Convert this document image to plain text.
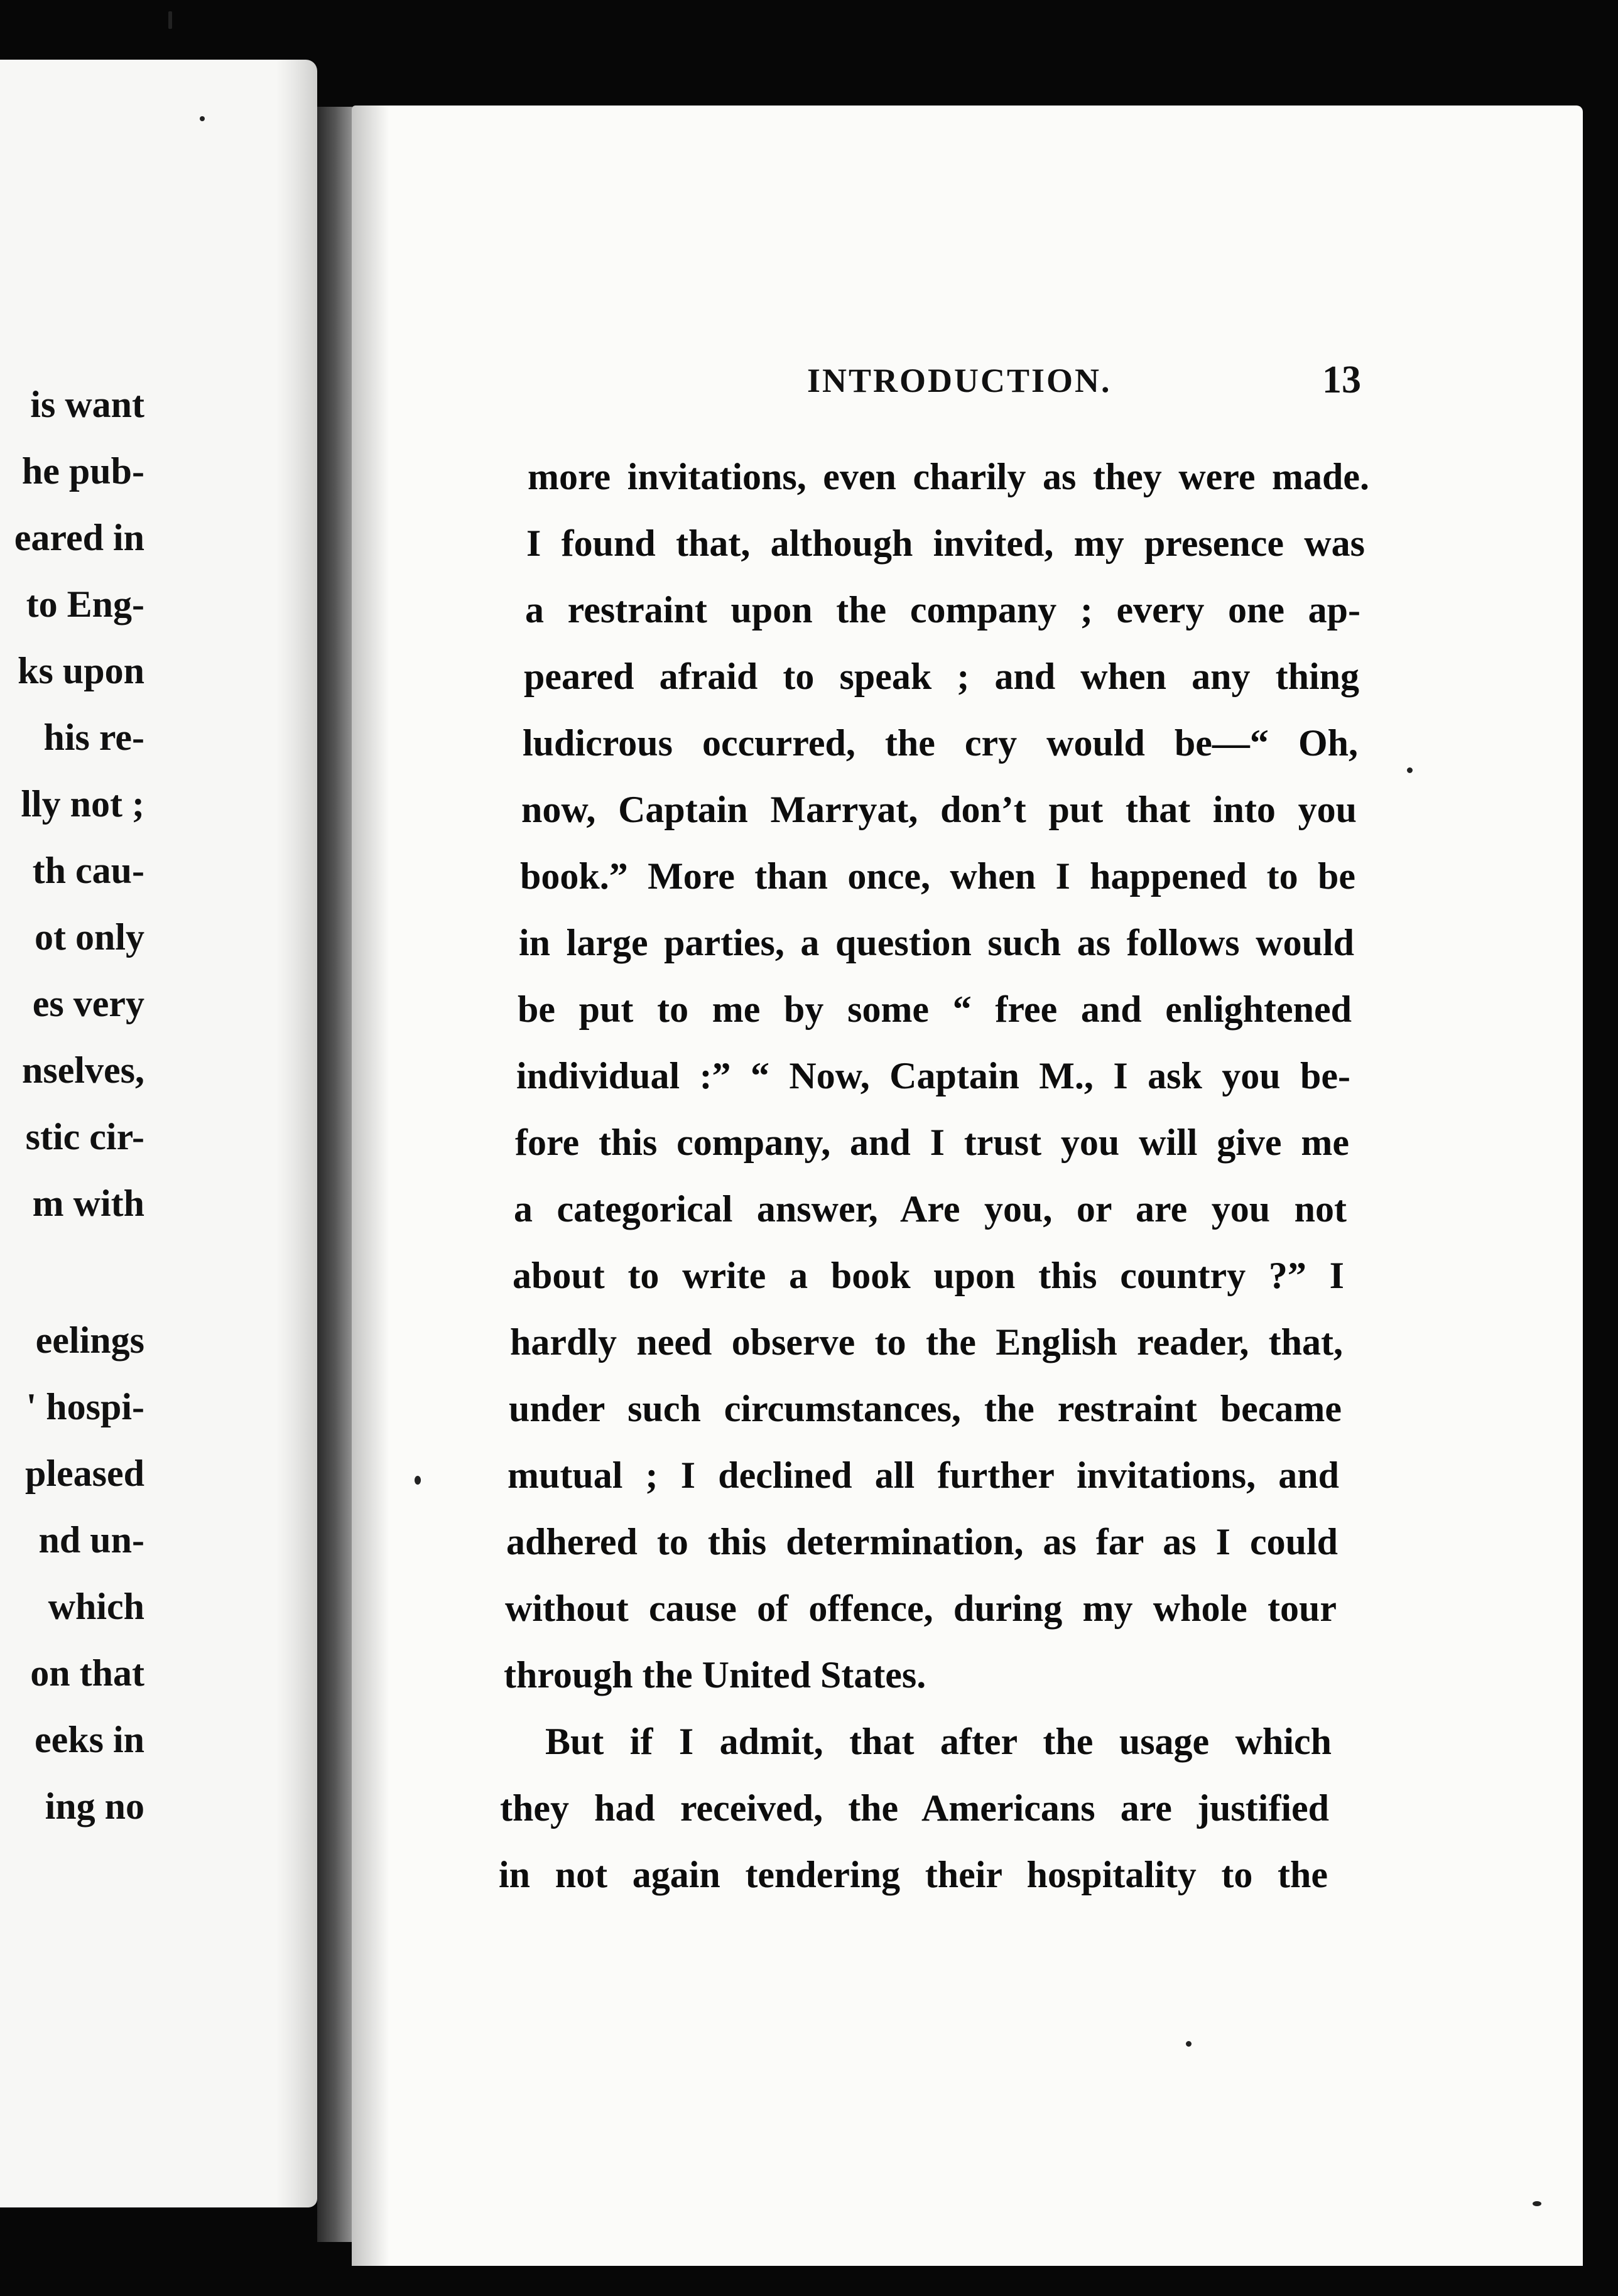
is want
he pub-
eared in
to Eng-
ks upon
his re-
lly not ;
th cau-
ot only
es very
nselves,
stic cir-
m with
eelings
' hospi-
pleased
nd un-
which
on that
eeks in
ing no
INTRODUCTION.	13
more invitations, even charily as they were made.
I found that, although invited, my presence was
a restraint upon the company ; every one ap-
peared afraid to speak ; and when any thing
ludicrous occurred, the cry would be—“ Oh,
now, Captain Marryat, don’t put that into you
book.” More than once, when I happened to be
in large parties, a question such as follows would
be put to me by some “ free and enlightened
individual :” “ Now, Captain M., I ask you be-
fore this company, and I trust you will give me
a categorical answer, Are you, or are you not
about to write a book upon this country ?” I
hardly need observe to the English reader, that,
under such circumstances, the restraint became
mutual ; I declined all further invitations, and
adhered to this determination, as far as I could
without cause of offence, during my whole tour
through the United States.
But if I admit, that after the usage which
they had received, the Americans are justified
in not again tendering their hospitality to the
